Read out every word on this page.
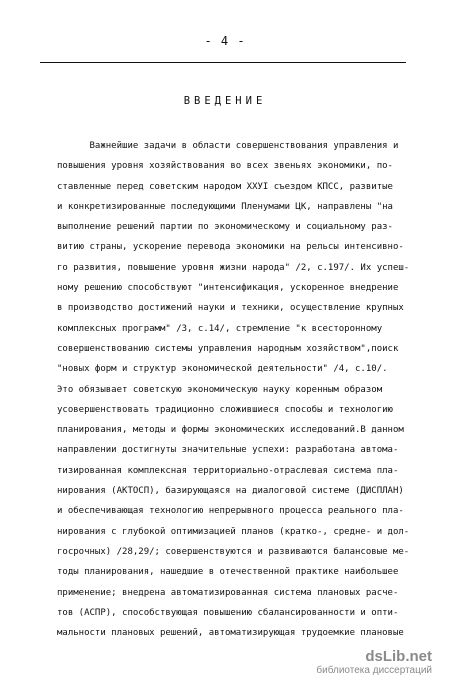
- 4 -
ВВЕДЕНИЕ
Важнейшие задачи в области совершенствования управления и
повышения уровня хозяйствования во всех звеньях экономики, по-
ставленные перед советским народом XXУI съездом КПСС, развитые
и конкретизированные последующими Пленумами ЦК, направлены "на
выполнение решений партии по экономическому и социальному раз-
витию страны, ускорение перевода экономики на рельсы интенсивно-
го развития, повышение уровня жизни народа" /2, с.197/. Их успеш-
ному решению способствуют "интенсификация, ускоренное внедрение
в производство достижений науки и техники, осуществление крупных
комплексных программ" /3, с.14/, стремление "к всесторонному
совершенствованию системы управления народным хозяйством",поиск
"новых форм и структур экономической деятельности" /4, с.10/.
Это обязывает советскую экономическую науку коренным образом
усовершенствовать традиционно сложившиеся способы и технологию
планирования, методы и формы экономических исследований.В данном
направлении достигнуты значительные успехи: разработана автома-
тизированная комплексная территориально-отраслевая система пла-
нирования (АКТОСП), базирующаяся на диалоговой системе (ДИСПЛАН)
и обеспечивающая технологию непрерывного процесса реального пла-
нирования с глубокой оптимизацией планов (кратко-, средне- и дол-
госрочных) /28,29/; совершенствуются и развиваются балансовые ме-
тоды планирования, нашедшие в отечественной практике наибольшее
применение; внедрена автоматизированная система плановых расче-
тов (АСПР), способствующая повышению сбалансированности и опти-
мальности плановых решений, автоматизирующая трудоемкие плановые
dsLib.net
библиотека диссертаций
